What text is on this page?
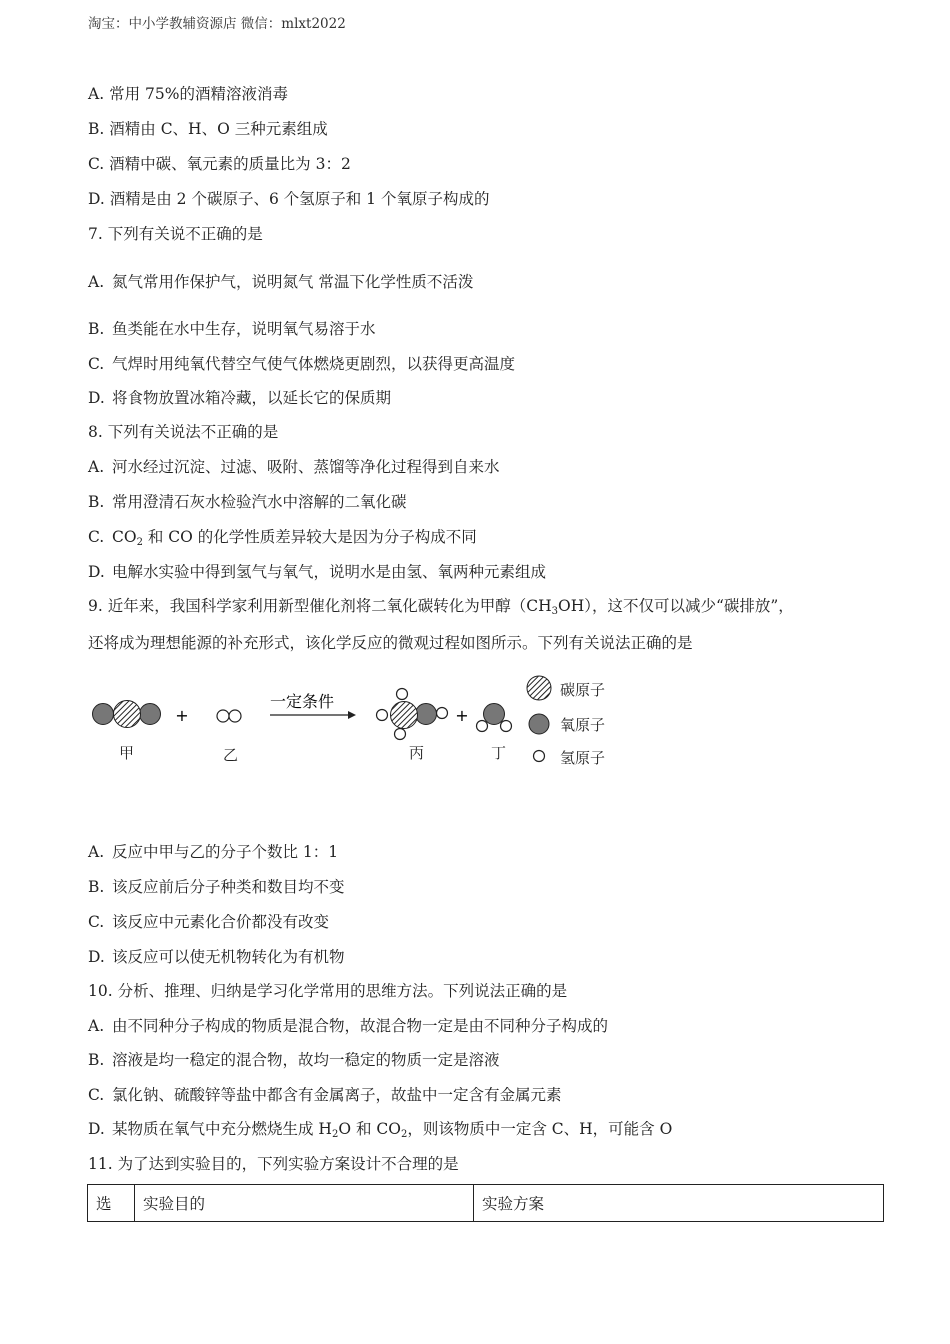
淘宝：中小学教辅资源店 微信：mlxt2022
A. 常用 75%的酒精溶液消毒
B. 酒精由 C、H、O 三种元素组成
C. 酒精中碳、氧元素的质量比为 3：2
D. 酒精是由 2 个碳原子、6 个氢原子和 1 个氧原子构成的
7. 下列有关说不正确的是
A. 氮气常用作保护气，说明氮气 常温下化学性质不活泼
B. 鱼类能在水中生存，说明氧气易溶于水
C. 气焊时用纯氧代替空气使气体燃烧更剧烈，以获得更高温度
D. 将食物放置冰箱冷藏，以延长它的保质期
8. 下列有关说法不正确的是
A. 河水经过沉淀、过滤、吸附、蒸馏等净化过程得到自来水
B. 常用澄清石灰水检验汽水中溶解的二氧化碳
C. $CO_2$ 和 CO 的化学性质差异较大是因为分子构成不同
D. 电解水实验中得到氢气与氧气，说明水是由氢、氧两种元素组成
9. 近年来，我国科学家利用新型催化剂将二氧化碳转化为甲醇$(CH_3OH)$，这不仅可以减少“碳排放”，
还将成为理想能源的补充形式，该化学反应的微观过程如图所示。下列有关说法正确的是
+
一定条件
+
甲	乙	丙	丁
碳原子
氧原子
氢原子
A. 反应中甲与乙的分子个数比 1：1
B. 该反应前后分子种类和数目均不变
C. 该反应中元素化合价都没有改变
D. 该反应可以使无机物转化为有机物
10. 分析、推理、归纳是学习化学常用的思维方法。下列说法正确的是
A. 由不同种分子构成的物质是混合物，故混合物一定是由不同种分子构成的
B. 溶液是均一稳定的混合物，故均一稳定的物质一定是溶液
C. 氯化钠、硫酸锌等盐中都含有金属离子，故盐中一定含有金属元素
D. 某物质在氧气中充分燃烧生成 $H_2O$ 和 $CO_2$，则该物质中一定含 C、H，可能含 O
11. 为了达到实验目的，下列实验方案设计不合理的是
选	实验目的	实验方案
